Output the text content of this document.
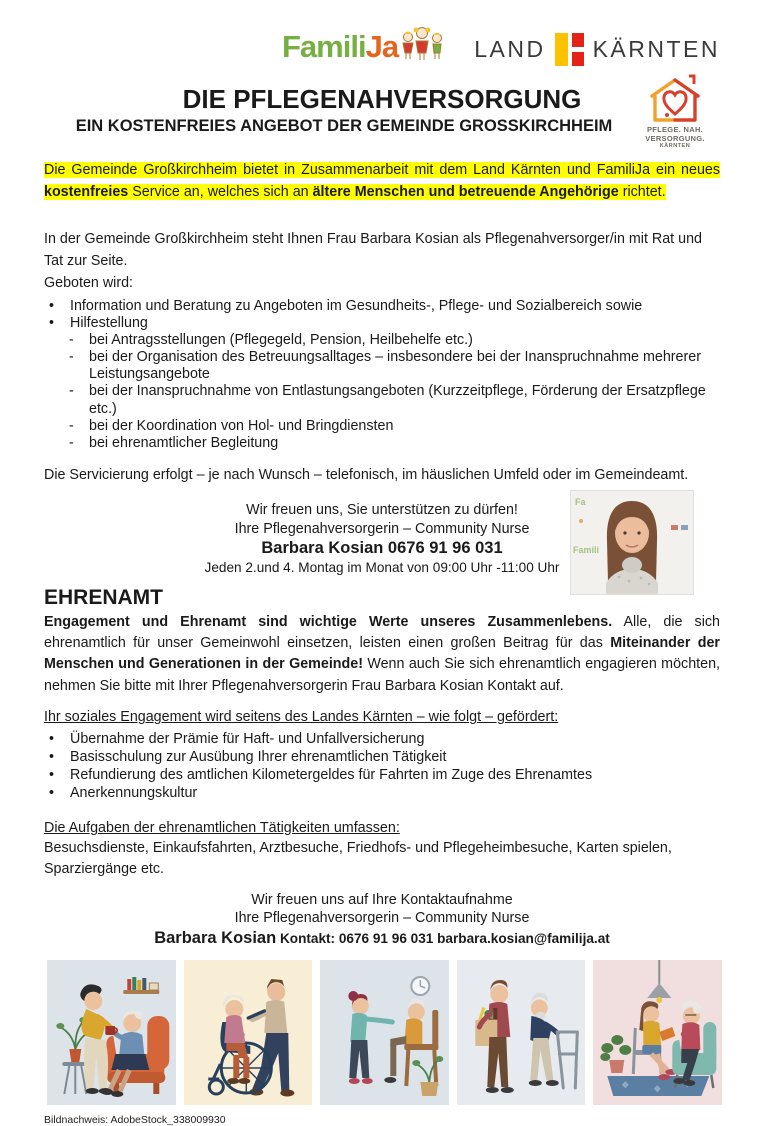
FamiliJa	LAND KÄRNTEN
DIE PFLEGENAHVERSORGUNG
EIN KOSTENFREIES ANGEBOT DER GEMEINDE GROSSKIRCHHEIM	PFLEGE. NAH.
VERSORGUNG.
KÄRNTEN
Die Gemeinde Großkirchheim bietet in Zusammenarbeit mit dem Land Kärnten und FamiliJa ein neues kostenfreies Service an, welches sich an ältere Menschen und betreuende Angehörige richtet.
In der Gemeinde Großkirchheim steht Ihnen Frau Barbara Kosian als Pflegenahversorger/in mit Rat und Tat zur Seite.
Geboten wird:
•
Information und Beratung zu Angeboten im Gesundheits-, Pflege- und Sozialbereich sowie
•
Hilfestellung
-
bei Antragsstellungen (Pflegegeld, Pension, Heilbehelfe etc.)
-
bei der Organisation des Betreuungsalltages – insbesondere bei der Inanspruchnahme mehrerer Leistungsangebote
-
bei der Inanspruchnahme von Entlastungsangeboten (Kurzzeitpflege, Förderung der Ersatzpflege etc.)
-
bei der Koordination von Hol- und Bringdiensten
-
bei ehrenamtlicher Begleitung
Die Servicierung erfolgt – je nach Wunsch – telefonisch, im häuslichen Umfeld oder im Gemeindeamt.
Wir freuen uns, Sie unterstützen zu dürfen!
Ihre Pflegenahversorgerin – Community Nurse
Barbara Kosian 0676 91 96 031
Jeden 2.und 4. Montag im Monat von 09:00 Uhr -11:00 Uhr
Fa
Famili
EHRENAMT
Engagement und Ehrenamt sind wichtige Werte unseres Zusammenlebens. Alle, die sich ehrenamtlich für unser Gemeinwohl einsetzen, leisten einen großen Beitrag für das Miteinander der Menschen und Generationen in der Gemeinde! Wenn auch Sie sich ehrenamtlich engagieren möchten, nehmen Sie bitte mit Ihrer Pflegenahversorgerin Frau Barbara Kosian Kontakt auf.
Ihr soziales Engagement wird seitens des Landes Kärnten – wie folgt – gefördert:
•
Übernahme der Prämie für Haft- und Unfallversicherung
•
Basisschulung zur Ausübung Ihrer ehrenamtlichen Tätigkeit
•
Refundierung des amtlichen Kilometergeldes für Fahrten im Zuge des Ehrenamtes
•
Anerkennungskultur
Die Aufgaben der ehrenamtlichen Tätigkeiten umfassen:
Besuchsdienste, Einkaufsfahrten, Arztbesuche, Friedhofs- und Pflegeheimbesuche, Karten spielen, Sparziergänge etc.
Wir freuen uns auf Ihre Kontaktaufnahme
Ihre Pflegenahversorgerin – Community Nurse
Barbara Kosian Kontakt: 0676 91 96 031 barbara.kosian@familija.at
Bildnachweis: AdobeStock_338009930
